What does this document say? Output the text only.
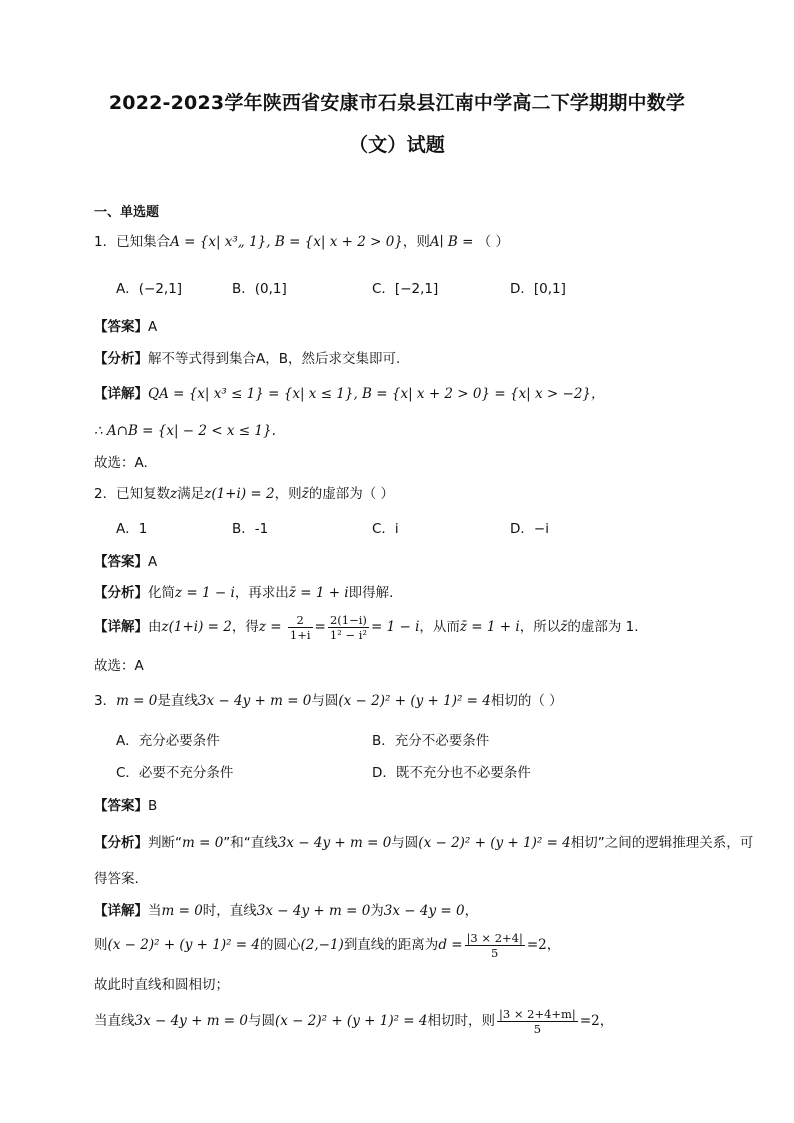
2022-2023学年陕西省安康市石泉县江南中学高二下学期期中数学
（文）试题
一、单选题
1．已知集合A = {x| x³„ 1}, B = {x| x + 2 > 0}，则A∣ B = （ ）
A．(−2,1]	B．(0,1]	C．[−2,1]	D．[0,1]
【答案】A
【分析】解不等式得到集合A，B，然后求交集即可.
【详解】QA = {x| x³ ≤ 1} = {x| x ≤ 1}, B = {x| x + 2 > 0} = {x| x > −2}，
∴ A∩B = {x| − 2 < x ≤ 1}.
故选：A.
2．已知复数z满足z(1+i) = 2，则z̄的虚部为（ ）
A．1	B．-1	C．i	D．−i
【答案】A
【分析】化简z = 1 − i，再求出z̄ = 1 + i即得解.
【详解】由z(1+i) = 2，得$z = \frac{2}{1+i} = \frac{2(1-i)}{\text{1² − i²}} = 1 - i$，从而z̄ = 1 + i，所以z̄的虚部为 1.
故选：A
3．m = 0是直线3x − 4y + m = 0与圆(x − 2)² + (y + 1)² = 4相切的（ ）
A．充分必要条件	B．充分不必要条件
C．必要不充分条件	D．既不充分也不必要条件
【答案】B
【分析】判断“m = 0”和“直线3x − 4y + m = 0与圆(x − 2)² + (y + 1)² = 4相切”之间的逻辑推理关系，可
得答案.
【详解】当m = 0时，直线3x − 4y + m = 0为3x − 4y = 0，
则(x − 2)² + (y + 1)² = 4的圆心(2,−1)到直线的距离为$d = \frac{|3 \times 2+4|}{5} =2$，
故此时直线和圆相切；
当直线3x − 4y + m = 0与圆(x − 2)² + (y + 1)² = 4相切时，则 $\frac{|3 \times 2+4+m|}{5} =2$，
